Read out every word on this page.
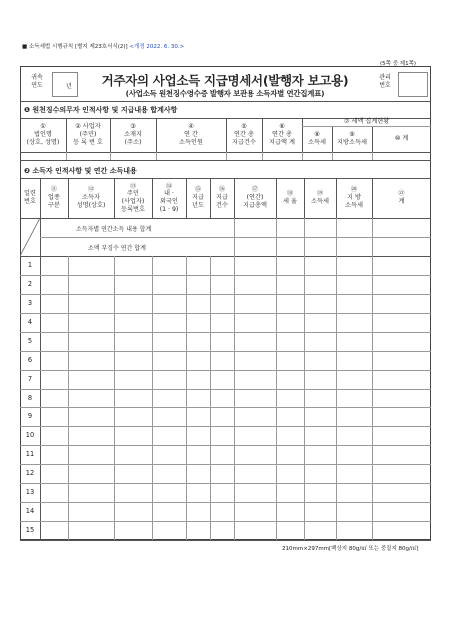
■ 소득세법 시행규칙 [별지 제23호서식(2)] <개정 2022. 6. 30.>
(5쪽 중 제1쪽)
귀속
연도	년	거주자의 사업소득 지급명세서(발행자 보고용)
(사업소득 원천징수영수증 발행자 보관용 소득자별 연간집계표)
관리
번호
❶ 원천징수의무자 인적사항 및 지급내용 합계사항
⑦ 세액 집계현황
①
법인명
(상호, 성명)
② 사업자
(주민)
등 록 번 호
③
소재지
(주소)
④
연 간
소득인원
⑤
연간 총
지급건수
⑥
연간 총
지급액 계
⑧
소득세
⑨
지방소득세
⑩ 계
❷ 소득자 인적사항 및 연간 소득내용
일련
번호
⑪
업종
구분
⑫
소득자
성명(상호)
⑬
주민
(사업자)
등록번호
⑭
내 ·
외국인
(1 · 9)
⑮
지급
년도
⑯
지급
건수
⑰
(연간)
지급총액
⑱
세 율
⑲
소득세
⑳
지 방
소득세
㉑
계
소득자별 연간소득 내용 합계
소액 부징수 연간 합계
1
2
3
4
5
6
7
8
9
10
11
12
13
14
15
210mm×297mm[백상지 80g/㎡ 또는 중질지 80g/㎡]
